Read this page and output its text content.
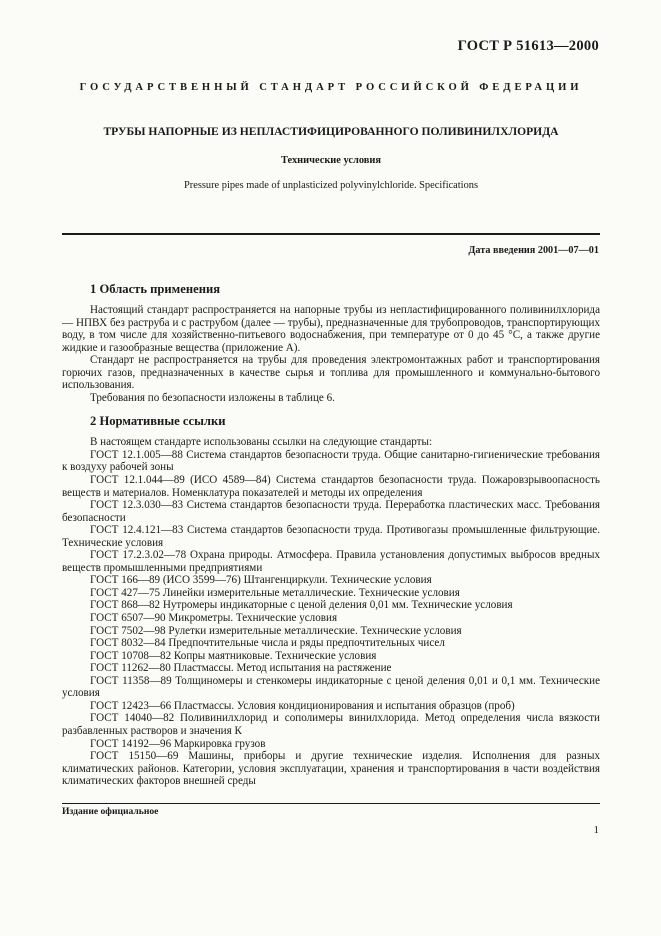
ГОСТ Р 51613—2000
ГОСУДАРСТВЕННЫЙ СТАНДАРТ РОССИЙСКОЙ ФЕДЕРАЦИИ
ТРУБЫ НАПОРНЫЕ ИЗ НЕПЛАСТИФИЦИРОВАННОГО ПОЛИВИНИЛХЛОРИДА
Технические условия
Pressure pipes made of unplasticized polyvinylchloride. Specifications
Дата введения 2001—07—01
1 Область применения

Настоящий стандарт распространяется на напорные трубы из непластифицированного поливинилхлорида — НПВХ без раструба и с раструбом (далее — трубы), предназначенные для трубопроводов, транспортирующих воду, в том числе для хозяйственно-питьевого водоснабжения, при температуре от 0 до 45 °С, а также другие жидкие и газообразные вещества (приложение А).

Стандарт не распространяется на трубы для проведения электромонтажных работ и транспортирования горючих газов, предназначенных в качестве сырья и топлива для промышленного и коммунально-бытового использования.

Требования по безопасности изложены в таблице 6.

2 Нормативные ссылки

В настоящем стандарте использованы ссылки на следующие стандарты:

ГОСТ 12.1.005—88 Система стандартов безопасности труда. Общие санитарно-гигиенические требования к воздуху рабочей зоны

ГОСТ 12.1.044—89 (ИСО 4589—84) Система стандартов безопасности труда. Пожаровзрывоопасность веществ и материалов. Номенклатура показателей и методы их определения

ГОСТ 12.3.030—83 Система стандартов безопасности труда. Переработка пластических масс. Требования безопасности

ГОСТ 12.4.121—83 Система стандартов безопасности труда. Противогазы промышленные фильтрующие. Технические условия

ГОСТ 17.2.3.02—78 Охрана природы. Атмосфера. Правила установления допустимых выбросов вредных веществ промышленными предприятиями

ГОСТ 166—89 (ИСО 3599—76) Штангенциркули. Технические условия

ГОСТ 427—75 Линейки измерительные металлические. Технические условия

ГОСТ 868—82 Нутромеры индикаторные с ценой деления 0,01 мм. Технические условия

ГОСТ 6507—90 Микрометры. Технические условия

ГОСТ 7502—98 Рулетки измерительные металлические. Технические условия

ГОСТ 8032—84 Предпочтительные числа и ряды предпочтительных чисел

ГОСТ 10708—82 Копры маятниковые. Технические условия

ГОСТ 11262—80 Пластмассы. Метод испытания на растяжение

ГОСТ 11358—89 Толщиномеры и стенкомеры индикаторные с ценой деления 0,01 и 0,1 мм. Технические условия

ГОСТ 12423—66 Пластмассы. Условия кондиционирования и испытания образцов (проб)

ГОСТ 14040—82 Поливинилхлорид и сополимеры винилхлорида. Метод определения числа вязкости разбавленных растворов и значения К

ГОСТ 14192—96 Маркировка грузов

ГОСТ 15150—69 Машины, приборы и другие технические изделия. Исполнения для разных климатических районов. Категории, условия эксплуатации, хранения и транспортирования в части воздействия климатических факторов внешней среды

Издание официальное
1
